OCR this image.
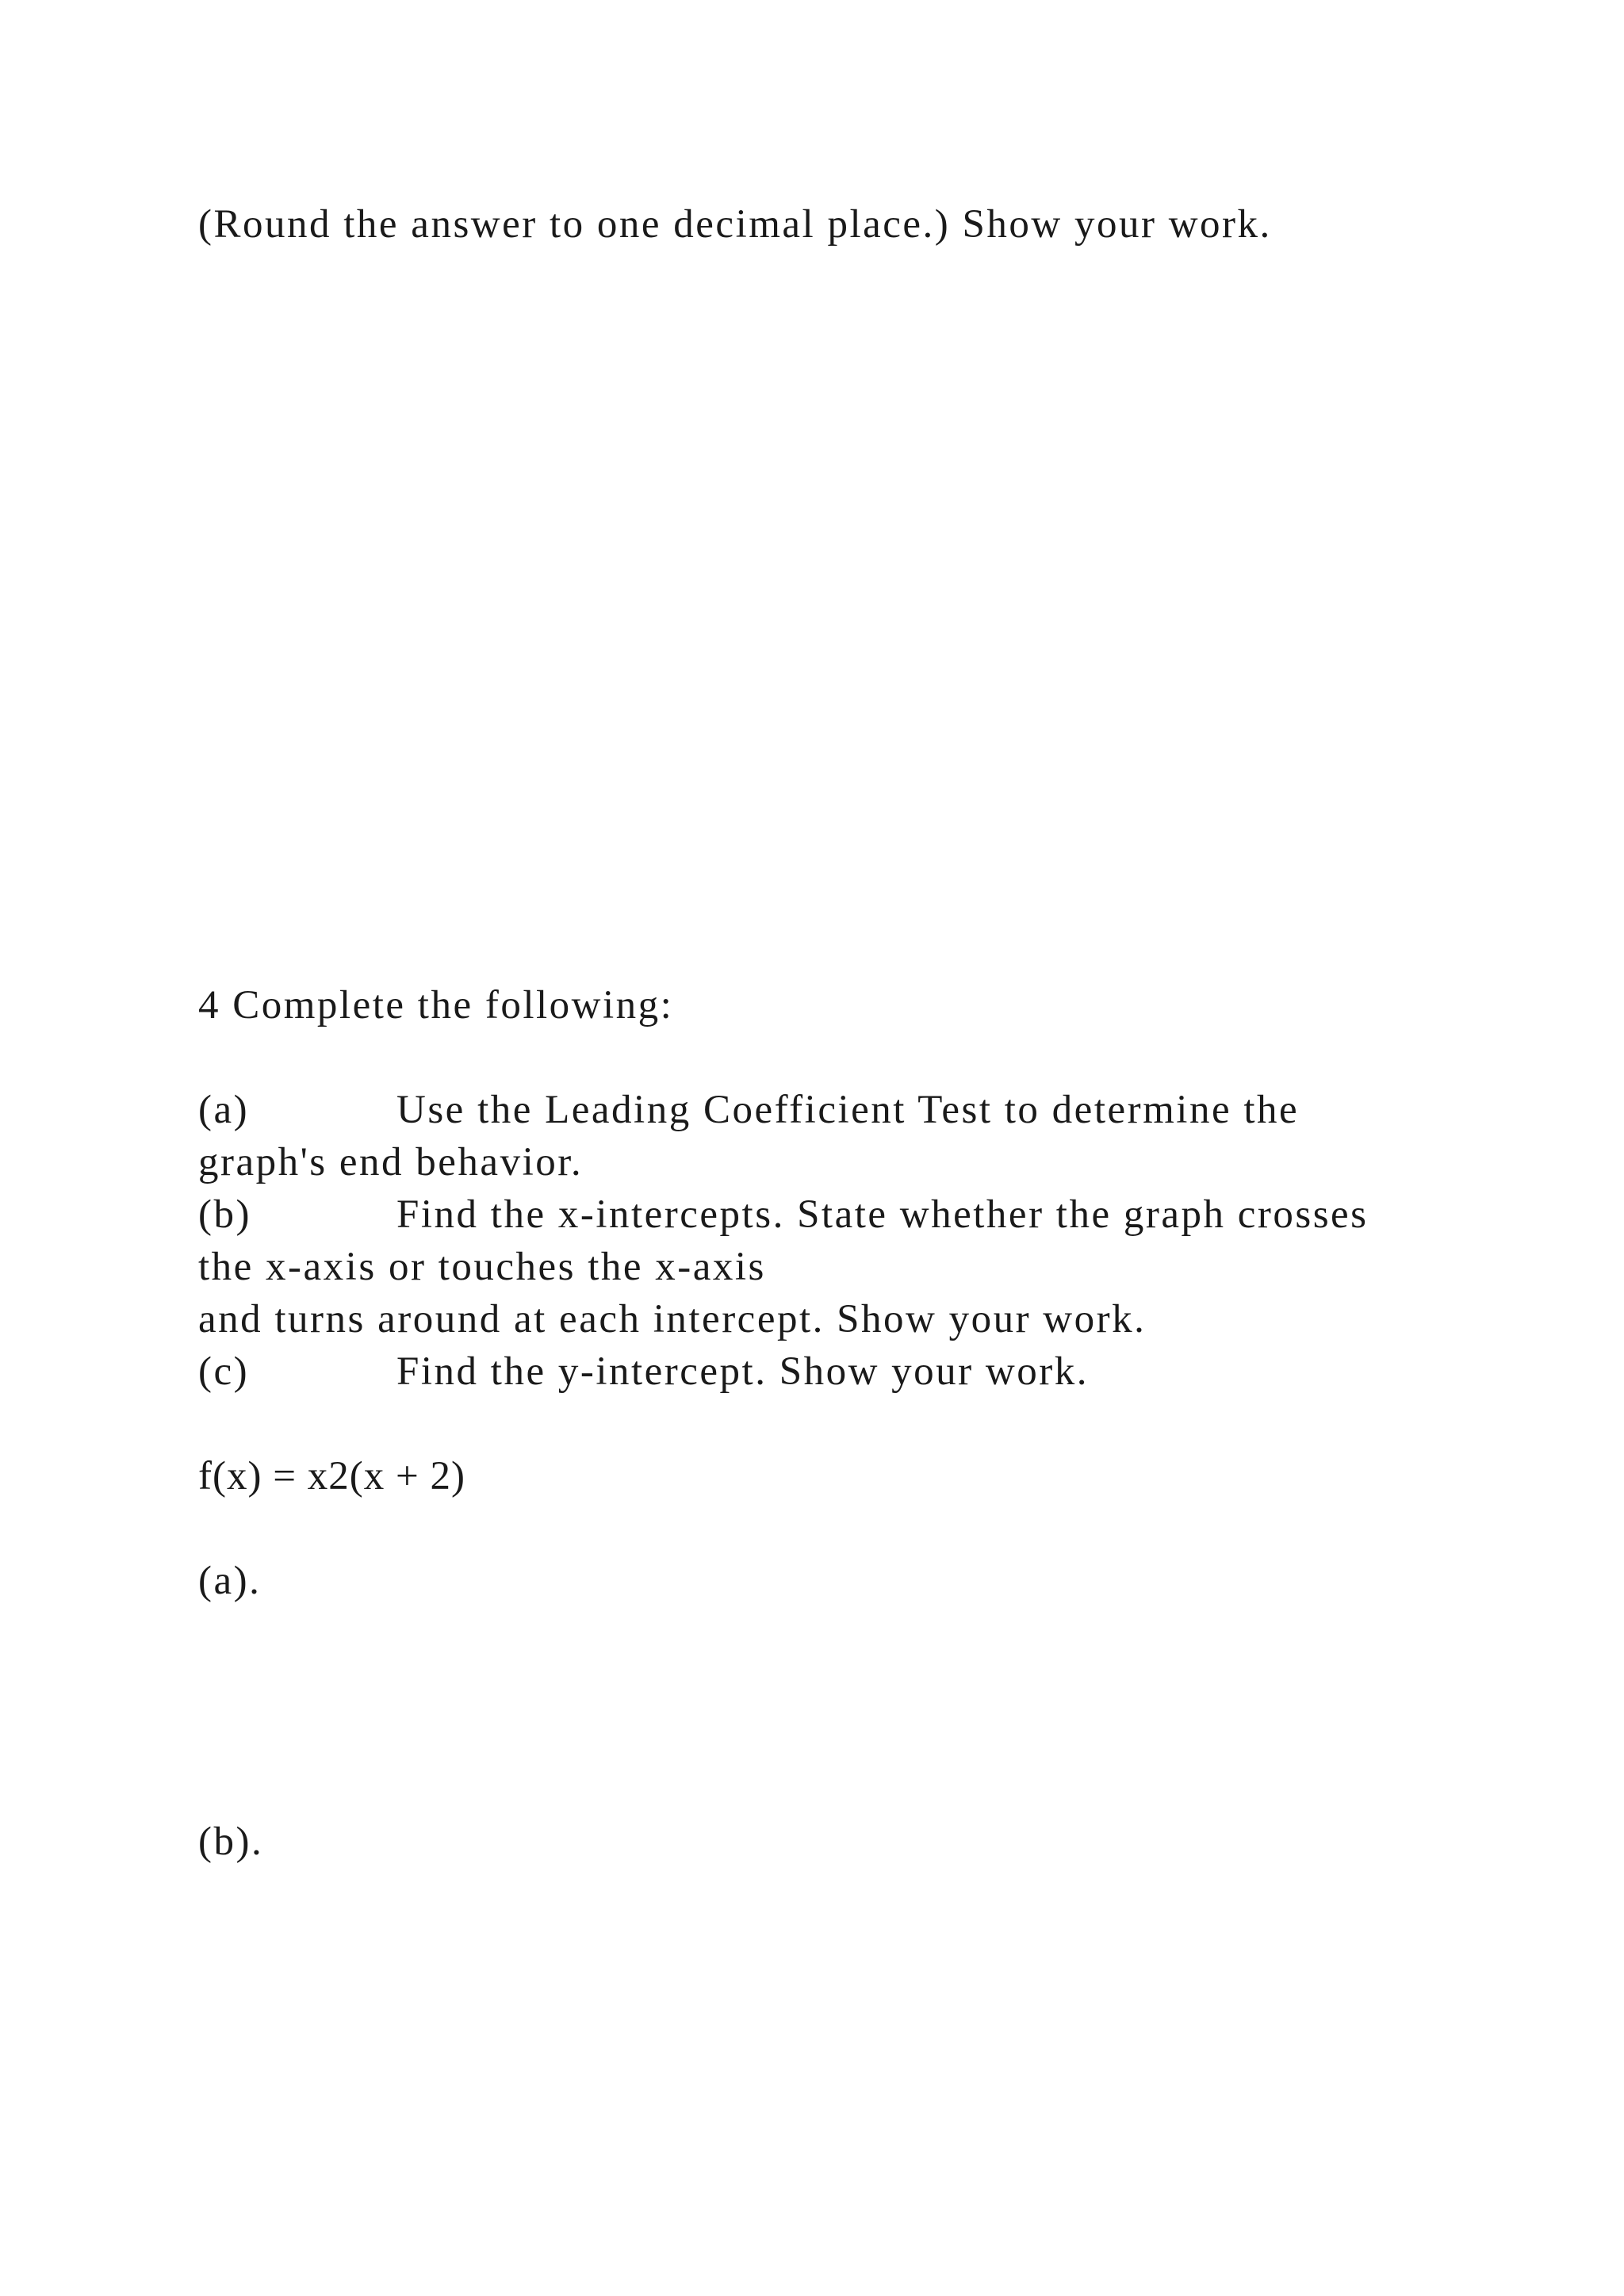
(Round the answer to one decimal place.) Show your work.
4 Complete the following:
(a)	Use the Leading Coefficient Test to determine the
graph's end behavior.
(b)	Find the x-intercepts. State whether the graph crosses
the x-axis or touches the x-axis
and turns around at each intercept. Show your work.
(c)	Find the y-intercept. Show your work.
f(x) = x2(x + 2)
(a).
(b).
